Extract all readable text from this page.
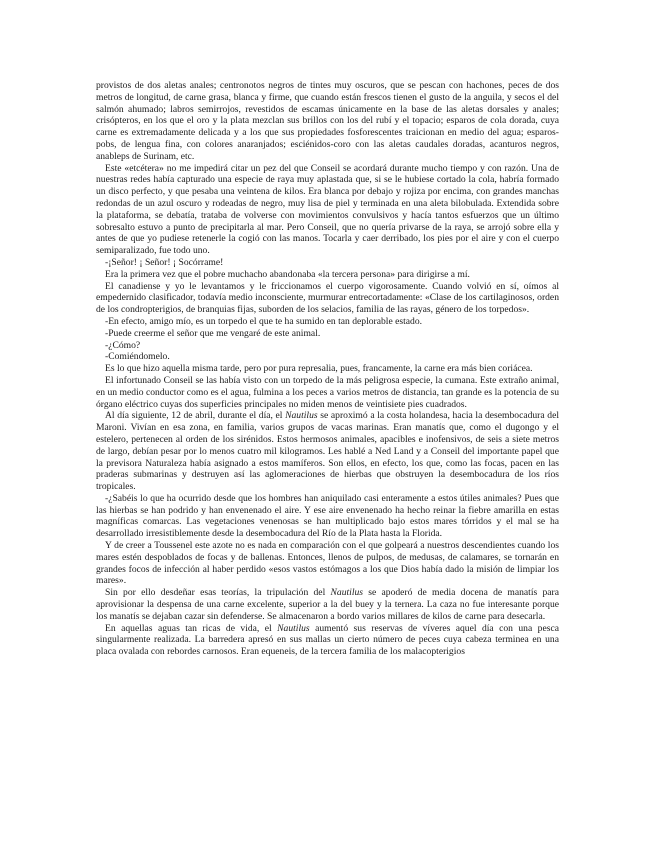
provistos de dos aletas anales; centronotos negros de tintes muy oscuros, que se pescan con hachones, peces de dos metros de longitud, de carne grasa, blanca y firme, que cuando están frescos tienen el gusto de la anguila, y secos el del salmón ahumado; labros semirrojos, revestidos de escamas únicamente en la base de las aletas dorsales y anales; crisópteros, en los que el oro y la plata mezclan sus brillos con los del rubí y el topacio; esparos de cola dorada, cuya carne es extremadamente delicada y a los que sus propiedades fosforescentes traicionan en medio del agua; esparos-pobs, de lengua fina, con colores anaranjados; esciénidos-coro con las aletas caudales doradas, acanturos negros, anableps de Surinam, etc.

Este «etcétera» no me impedirá citar un pez del que Conseil se acordará durante mucho tiempo y con razón. Una de nuestras redes había capturado una especie de raya muy aplastada que, si se le hubiese cortado la cola, habría formado un disco perfecto, y que pesaba una veintena de kilos. Era blanca por debajo y rojiza por encima, con grandes manchas redondas de un azul oscuro y rodeadas de negro, muy lisa de piel y terminada en una aleta bilobulada. Extendida sobre la plataforma, se debatía, trataba de volverse con movimientos convulsivos y hacía tantos esfuerzos que un último sobresalto estuvo a punto de precipitarla al mar. Pero Conseil, que no quería privarse de la raya, se arrojó sobre ella y antes de que yo pudiese retenerle la cogió con las manos. Tocarla y caer derribado, los pies por el aire y con el cuerpo semiparalizado, fue todo uno.

-¡Señor! ¡ Señor! ¡ Socórrame!

Era la primera vez que el pobre muchacho abandonaba «la tercera persona» para dirigirse a mí.

El canadiense y yo le levantamos y le friccionamos el cuerpo vigorosamente. Cuando volvió en sí, oímos al empedernido clasificador, todavía medio inconsciente, murmurar entrecortadamente: «Clase de los cartilaginosos, orden de los condropterigios, de branquias fijas, suborden de los selacios, familia de las rayas, género de los torpedos».

-En efecto, amigo mío, es un torpedo el que te ha sumido en tan deplorable estado.

-Puede creerme el señor que me vengaré de este animal.

-¿Cómo?

-Comiéndomelo.

Es lo que hizo aquella misma tarde, pero por pura represalia, pues, francamente, la carne era más bien coriácea.

El infortunado Conseil se las había visto con un torpedo de la más peligrosa especie, la cumana. Este extraño animal, en un medio conductor como es el agua, fulmina a los peces a varios metros de distancia, tan grande es la potencia de su órgano eléctrico cuyas dos superficies principales no miden menos de veintisiete pies cuadrados.

Al día siguiente, 12 de abril, durante el día, el Nautilus se aproximó a la costa holandesa, hacia la desembocadura del Maroni. Vivían en esa zona, en familia, varios grupos de vacas marinas. Eran manatís que, como el dugongo y el estelero, pertenecen al orden de los sirénidos. Estos hermosos animales, apacibles e inofensivos, de seis a siete metros de largo, debían pesar por lo menos cuatro mil kilogramos. Les hablé a Ned Land y a Conseil del importante papel que la previsora Naturaleza había asignado a estos mamíferos. Son ellos, en efecto, los que, como las focas, pacen en las praderas submarinas y destruyen así las aglomeraciones de hierbas que obstruyen la desembocadura de los ríos tropicales.

-¿Sabéis lo que ha ocurrido desde que los hombres han aniquilado casi enteramente a estos útiles animales? Pues que las hierbas se han podrido y han envenenado el aire. Y ese aire envenenado ha hecho reinar la fiebre amarilla en estas magníficas comarcas. Las vegetaciones venenosas se han multiplicado bajo estos mares tórridos y el mal se ha desarrollado irresistiblemente desde la desembocadura del Río de la Plata hasta la Florida.

Y de creer a Toussenel este azote no es nada en comparación con el que golpeará a nuestros descendientes cuando los mares estén despoblados de focas y de ballenas. Entonces, llenos de pulpos, de medusas, de calamares, se tornarán en grandes focos de infección al haber perdido «esos vastos estómagos a los que Dios había dado la misión de limpiar los mares».

Sin por ello desdeñar esas teorías, la tripulación del Nautilus se apoderó de media docena de manatís para aprovisionar la despensa de una carne excelente, superior a la del buey y la ternera. La caza no fue interesante porque los manatís se dejaban cazar sin defenderse. Se almacenaron a bordo varios millares de kilos de carne para desecarla.

En aquellas aguas tan ricas de vida, el Nautilus aumentó sus reservas de víveres aquel día con una pesca singularmente realizada. La barredera apresó en sus mallas un cierto número de peces cuya cabeza terminea en una placa ovalada con rebordes carnosos. Eran equeneis, de la tercera familia de los malacopterigios
